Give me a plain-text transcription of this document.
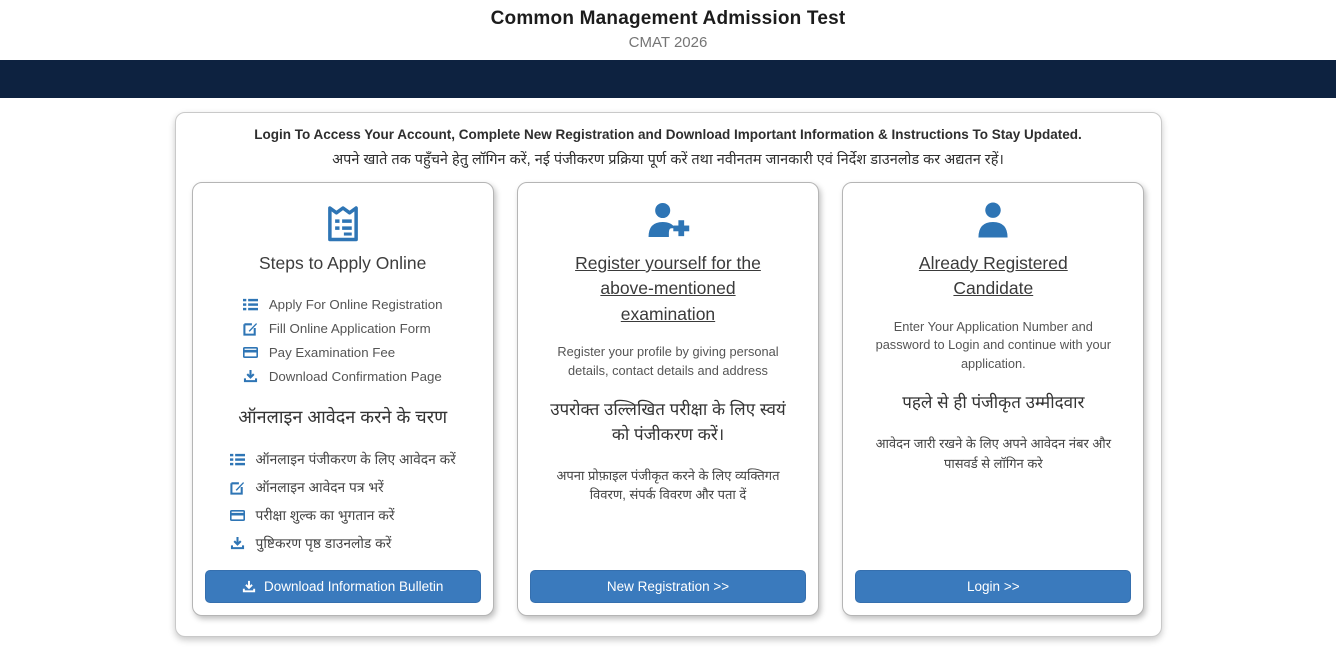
Common Management Admission Test
CMAT 2026
Login To Access Your Account, Complete New Registration and Download Important Information & Instructions To Stay Updated.
अपने खाते तक पहुँचने हेतु लॉगिन करें, नई पंजीकरण प्रक्रिया पूर्ण करें तथा नवीनतम जानकारी एवं निर्देश डाउनलोड कर अद्यतन रहें।
Steps to Apply Online
Apply For Online Registration
Fill Online Application Form
Pay Examination Fee
Download Confirmation Page
ऑनलाइन आवेदन करने के चरण
ऑनलाइन पंजीकरण के लिए आवेदन करें
ऑनलाइन आवेदन पत्र भरें
परीक्षा शुल्क का भुगतान करें
पुष्टिकरण पृष्ठ डाउनलोड करें
Download Information Bulletin
Register yourself for the above-mentioned examination
Register your profile by giving personal details, contact details and address
उपरोक्त उल्लिखित परीक्षा के लिए स्वयं को पंजीकरण करें।
अपना प्रोफ़ाइल पंजीकृत करने के लिए व्यक्तिगत विवरण, संपर्क विवरण और पता दें
New Registration >>
Already Registered Candidate
Enter Your Application Number and password to Login and continue with your application.
पहले से ही पंजीकृत उम्मीदवार
आवेदन जारी रखने के लिए अपने आवेदन नंबर और पासवर्ड से लॉगिन करे
Login >>
